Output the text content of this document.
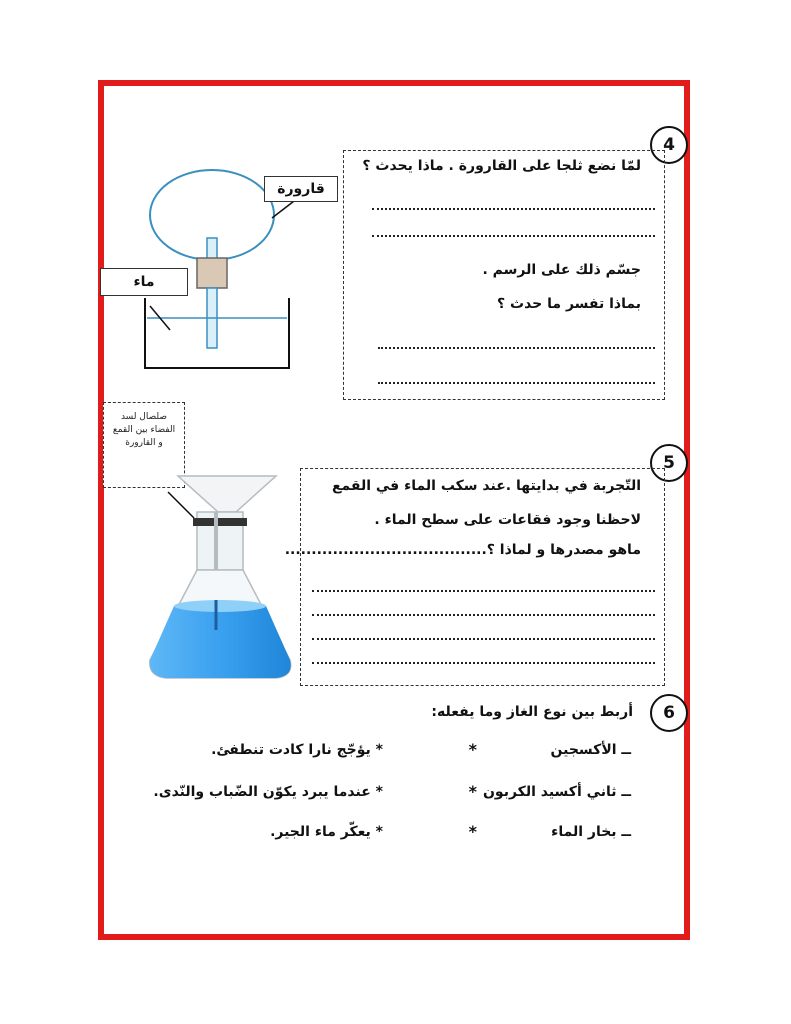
4
لمّا نضع ثلجا على القارورة . ماذا يحدث ؟
جسّم ذلك على الرسم .
بماذا تفسر ما حدث ؟
قارورة
ماء
5
التّجربة في بدايتها .عند سكب الماء في القمع
لاحظنا وجود فقاعات على سطح الماء .
ماهو مصدرها و لماذا ؟......................................
صلصال لسد الفضاء بين القمع و القارورة
6
أربط بين نوع الغاز وما يفعله:
ــ الأكسجين
ــ ثاني أكسيد الكربون
ــ بخار الماء
*
*
*
* يؤجّج نارا كادت تنطفئ.
* عندما يبرد يكوّن الضّباب والنّدى.
* يعكّر ماء الجير.
